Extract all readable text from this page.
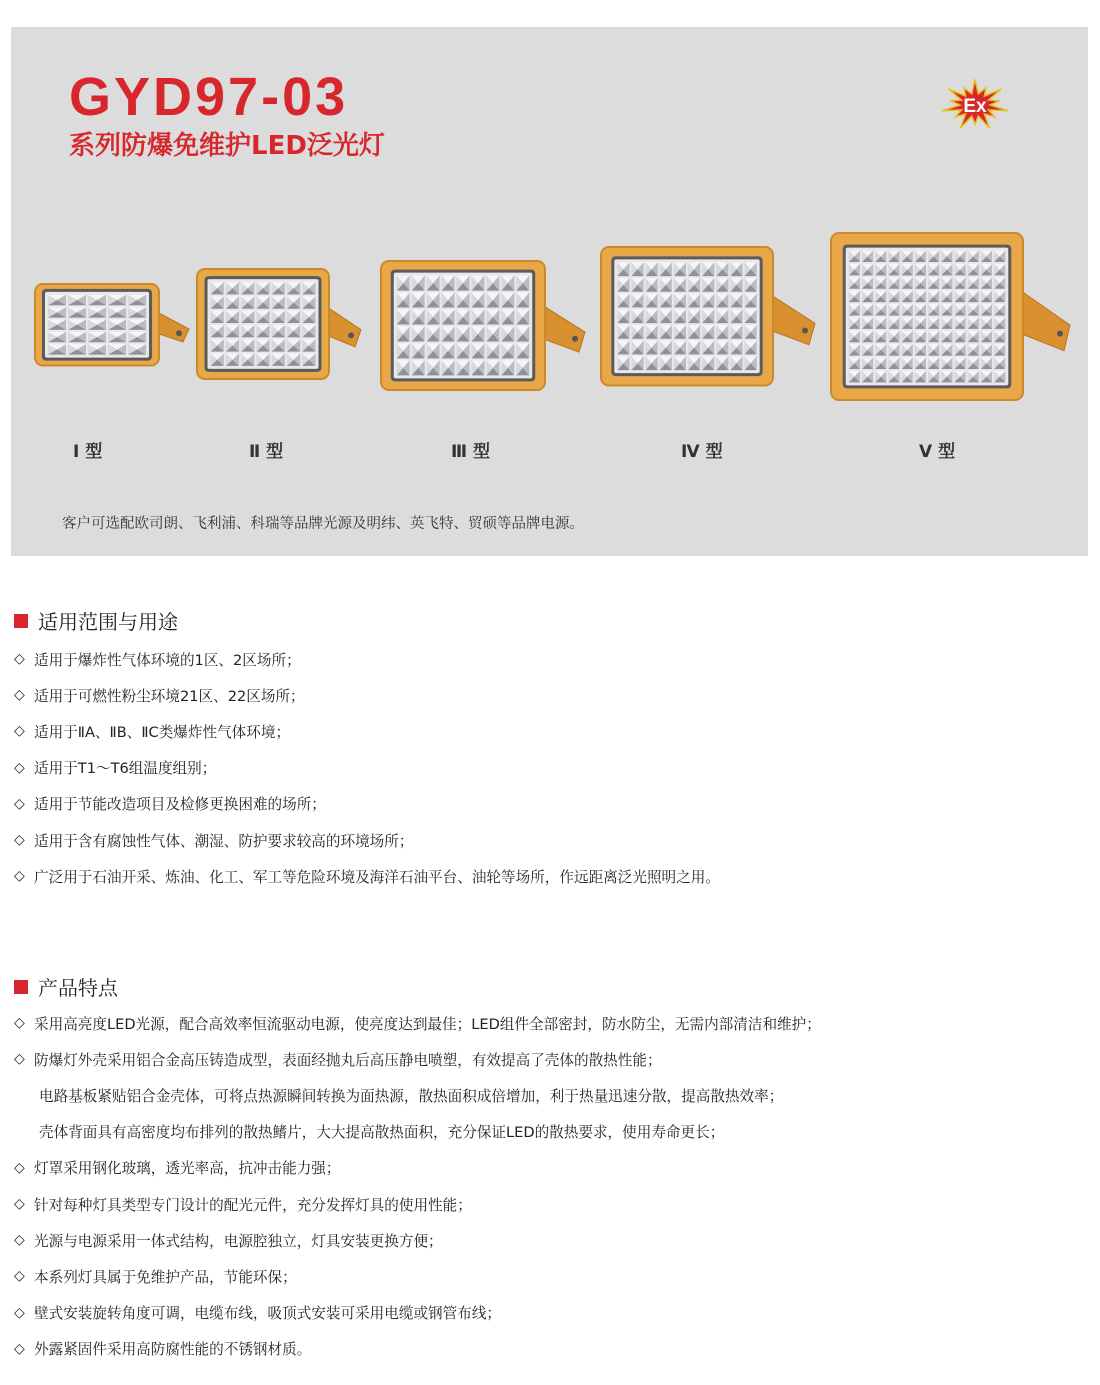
GYD97-03
系列防爆免维护LED泛光灯
Ex
Ⅰ 型	Ⅱ 型	Ⅲ 型	Ⅳ 型	Ⅴ 型
客户可选配欧司朗、飞利浦、科瑞等品牌光源及明纬、英飞特、贸硕等品牌电源。
适用范围与用途
◇ 适用于爆炸性气体环境的1区、2区场所；
◇ 适用于可燃性粉尘环境21区、22区场所；
◇ 适用于ⅡA、ⅡB、ⅡC类爆炸性气体环境；
◇ 适用于T1～T6组温度组别；
◇ 适用于节能改造项目及检修更换困难的场所；
◇ 适用于含有腐蚀性气体、潮湿、防护要求较高的环境场所；
◇ 广泛用于石油开采、炼油、化工、军工等危险环境及海洋石油平台、油轮等场所，作远距离泛光照明之用。
产品特点
◇ 采用高亮度LED光源，配合高效率恒流驱动电源，使亮度达到最佳；LED组件全部密封，防水防尘，无需内部清洁和维护；
◇ 防爆灯外壳采用铝合金高压铸造成型，表面经抛丸后高压静电喷塑，有效提高了壳体的散热性能；
电路基板紧贴铝合金壳体，可将点热源瞬间转换为面热源，散热面积成倍增加，利于热量迅速分散，提高散热效率；
壳体背面具有高密度均布排列的散热鳍片，大大提高散热面积，充分保证LED的散热要求，使用寿命更长；
◇ 灯罩采用钢化玻璃，透光率高，抗冲击能力强；
◇ 针对每种灯具类型专门设计的配光元件，充分发挥灯具的使用性能；
◇ 光源与电源采用一体式结构，电源腔独立，灯具安装更换方便；
◇ 本系列灯具属于免维护产品，节能环保；
◇ 壁式安装旋转角度可调，电缆布线，吸顶式安装可采用电缆或钢管布线；
◇ 外露紧固件采用高防腐性能的不锈钢材质。
